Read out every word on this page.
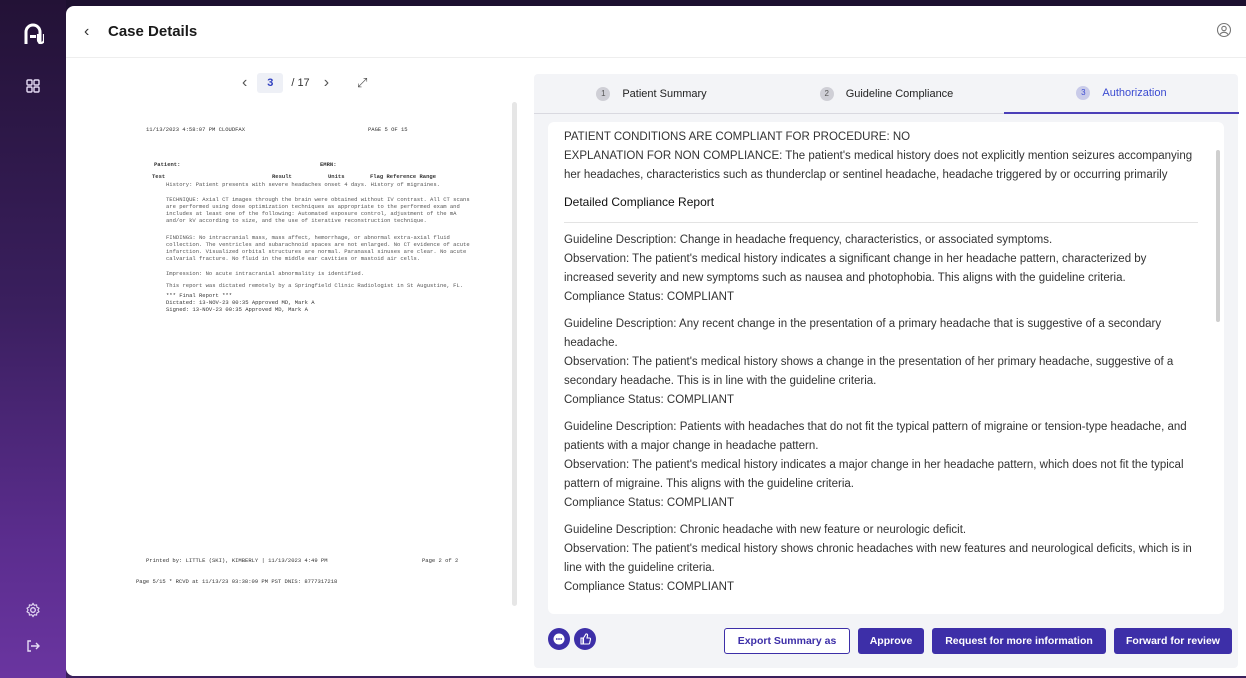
‹ Case Details
‹	3	/ 17 › ⤢
11/13/2023 4:58:07 PM CLOUDFAX	PAGE 5 OF 15
Patient:	EMRN:
Test	Result	Units	Flag Reference Range
History: Patient presents with severe headaches onset 4 days. History of migraines.
TECHNIQUE: Axial CT images through the brain were obtained without IV contrast. All CT scans are performed using dose optimization techniques as appropriate to the performed exam and includes at least one of the following: Automated exposure control, adjustment of the mA and/or kV according to size, and the use of iterative reconstruction technique.
FINDINGS: No intracranial mass, mass affect, hemorrhage, or abnormal extra-axial fluid collection. The ventricles and subarachnoid spaces are not enlarged. No CT evidence of acute infarction. Visualized orbital structures are normal. Paranasal sinuses are clear. No acute calvarial fracture. No fluid in the middle ear cavities or mastoid air cells.
Impression: No acute intracranial abnormality is identified.
This report was dictated remotely by a Springfield Clinic Radiologist in St Augustine, FL.
*** Final Report ***
Dictated: 13-NOV-23 00:35 Approved MD, Mark A
Signed: 13-NOV-23 00:35 Approved MD, Mark A
Printed by: LITTLE (SKI), KIMBERLY | 11/13/2023 4:49 PM	Page 2 of 2
Page 5/15 * RCVD at 11/13/23 03:38:09 PM PST DNIS: 8777317218
1	Patient Summary	2	Guideline Compliance	3	Authorization
PATIENT CONDITIONS ARE COMPLIANT FOR PROCEDURE: NO
EXPLANATION FOR NON COMPLIANCE: The patient's medical history does not explicitly mention seizures accompanying her headaches, characteristics such as thunderclap or sentinel headache, headache triggered by or occurring primarily
Detailed Compliance Report
Guideline Description: Change in headache frequency, characteristics, or associated symptoms.
Observation: The patient's medical history indicates a significant change in her headache pattern, characterized by increased severity and new symptoms such as nausea and photophobia. This aligns with the guideline criteria.
Compliance Status: COMPLIANT
Guideline Description: Any recent change in the presentation of a primary headache that is suggestive of a secondary headache.
Observation: The patient's medical history shows a change in the presentation of her primary headache, suggestive of a secondary headache. This is in line with the guideline criteria.
Compliance Status: COMPLIANT
Guideline Description: Patients with headaches that do not fit the typical pattern of migraine or tension-type headache, and patients with a major change in headache pattern.
Observation: The patient's medical history indicates a major change in her headache pattern, which does not fit the typical pattern of migraine. This aligns with the guideline criteria.
Compliance Status: COMPLIANT
Guideline Description: Chronic headache with new feature or neurologic deficit.
Observation: The patient's medical history shows chronic headaches with new features and neurological deficits, which is in line with the guideline criteria.
Compliance Status: COMPLIANT
Export Summary as	Approve	Request for more information	Forward for review
